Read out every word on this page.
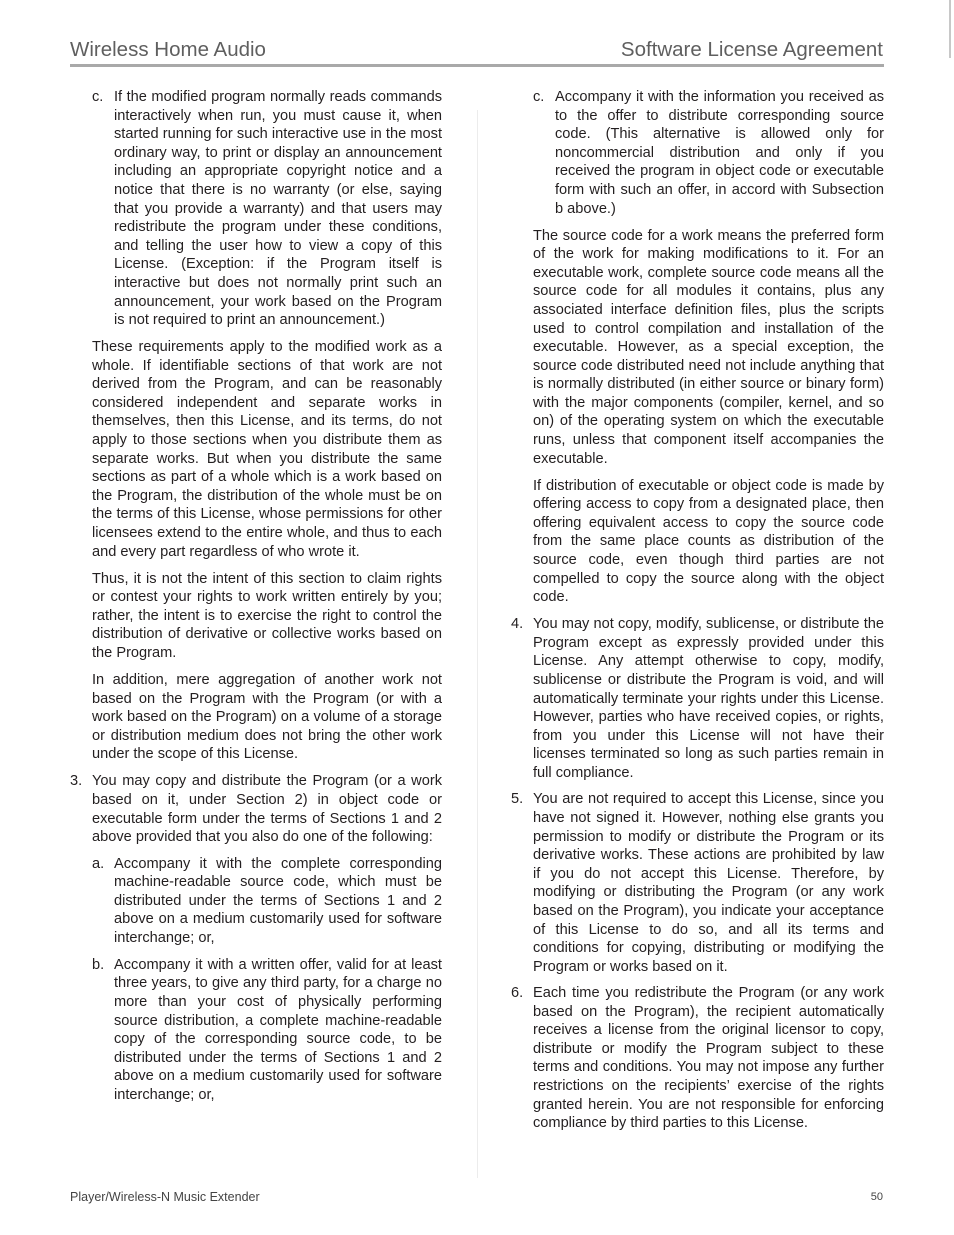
Wireless Home Audio	Software License Agreement
c. If the modified program normally reads commands interactively when run, you must cause it, when started running for such interactive use in the most ordinary way, to print or display an announcement including an appropriate copyright notice and a notice that there is no warranty (or else, saying that you provide a warranty) and that users may redistribute the program under these conditions, and telling the user how to view a copy of this License. (Exception: if the Program itself is interactive but does not normally print such an announcement, your work based on the Program is not required to print an announcement.)

These requirements apply to the modified work as a whole. If identifiable sections of that work are not derived from the Program, and can be reasonably considered independent and separate works in themselves, then this License, and its terms, do not apply to those sections when you distribute them as separate works. But when you distribute the same sections as part of a whole which is a work based on the Program, the distribution of the whole must be on the terms of this License, whose permissions for other licensees extend to the entire whole, and thus to each and every part regardless of who wrote it.

Thus, it is not the intent of this section to claim rights or contest your rights to work written entirely by you; rather, the intent is to exercise the right to control the distribution of derivative or collective works based on the Program.

In addition, mere aggregation of another work not based on the Program with the Program (or with a work based on the Program) on a volume of a storage or distribution medium does not bring the other work under the scope of this License.

3. You may copy and distribute the Program (or a work based on it, under Section 2) in object code or executable form under the terms of Sections 1 and 2 above provided that you also do one of the following:
a. Accompany it with the complete corresponding machine-readable source code, which must be distributed under the terms of Sections 1 and 2 above on a medium customarily used for software interchange; or,
b. Accompany it with a written offer, valid for at least three years, to give any third party, for a charge no more than your cost of physically performing source distribution, a complete machine-readable copy of the corresponding source code, to be distributed under the terms of Sections 1 and 2 above on a medium customarily used for software interchange; or,
c. Accompany it with the information you received as to the offer to distribute corresponding source code. (This alternative is allowed only for noncommercial distribution and only if you received the program in object code or executable form with such an offer, in accord with Subsection b above.)

The source code for a work means the preferred form of the work for making modifications to it. For an executable work, complete source code means all the source code for all modules it contains, plus any associated interface definition files, plus the scripts used to control compilation and installation of the executable. However, as a special exception, the source code distributed need not include anything that is normally distributed (in either source or binary form) with the major components (compiler, kernel, and so on) of the operating system on which the executable runs, unless that component itself accompanies the executable.

If distribution of executable or object code is made by offering access to copy from a designated place, then offering equivalent access to copy the source code from the same place counts as distribution of the source code, even though third parties are not compelled to copy the source along with the object code.

4. You may not copy, modify, sublicense, or distribute the Program except as expressly provided under this License. Any attempt otherwise to copy, modify, sublicense or distribute the Program is void, and will automatically terminate your rights under this License. However, parties who have received copies, or rights, from you under this License will not have their licenses terminated so long as such parties remain in full compliance.
5. You are not required to accept this License, since you have not signed it. However, nothing else grants you permission to modify or distribute the Program or its derivative works. These actions are prohibited by law if you do not accept this License. Therefore, by modifying or distributing the Program (or any work based on the Program), you indicate your acceptance of this License to do so, and all its terms and conditions for copying, distributing or modifying the Program or works based on it.
6. Each time you redistribute the Program (or any work based on the Program), the recipient automatically receives a license from the original licensor to copy, distribute or modify the Program subject to these terms and conditions. You may not impose any further restrictions on the recipients’ exercise of the rights granted herein. You are not responsible for enforcing compliance by third parties to this License.
Player/Wireless-N Music Extender	50
